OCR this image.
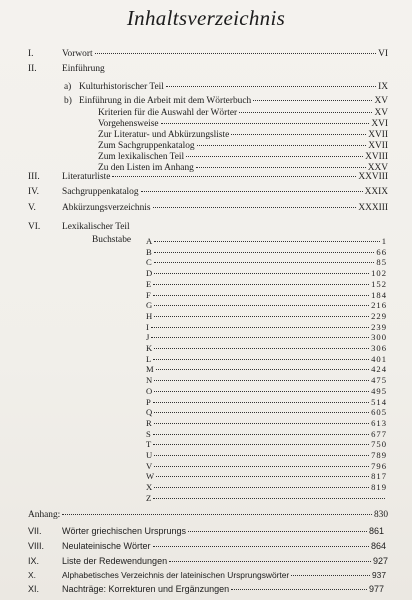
Inhaltsverzeichnis
I.	Vorwort	VI
II.	Einführung
a) Kulturhistorischer Teil	IX
b) Einführung in die Arbeit mit dem Wörterbuch	XV
Kriterien für die Auswahl der Wörter	XV
Vorgehensweise	XVI
Zur Literatur- und Abkürzungsliste	XVII
Zum Sachgruppenkatalog	XVII
Zum lexikalischen Teil	XVIII
Zu den Listen im Anhang	XXV
III. Literaturliste	XXVIII
IV. Sachgruppenkatalog	XXIX
V.	Abkürzungsverzeichnis	XXXIII
VI. Lexikalischer Teil
Buchstabe A	1
B	66
C	85
D	102
E	152
F	184
G	216
H	229
I	239
J	300
K	306
L	401
M	424
N	475
O	495
P	514
Q	605
R	613
S	677
T	750
U	789
V	796
W	817
X	819
Z
Anhang:	830
VII. Wörter griechischen Ursprungs	861
VIII. Neulateinische Wörter	864
IX.	Liste der Redewendungen	927
X.	Alphabetisches Verzeichnis der lateinischen Ursprungswörter	937
XI.	Nachträge: Korrekturen und Ergänzungen	977
